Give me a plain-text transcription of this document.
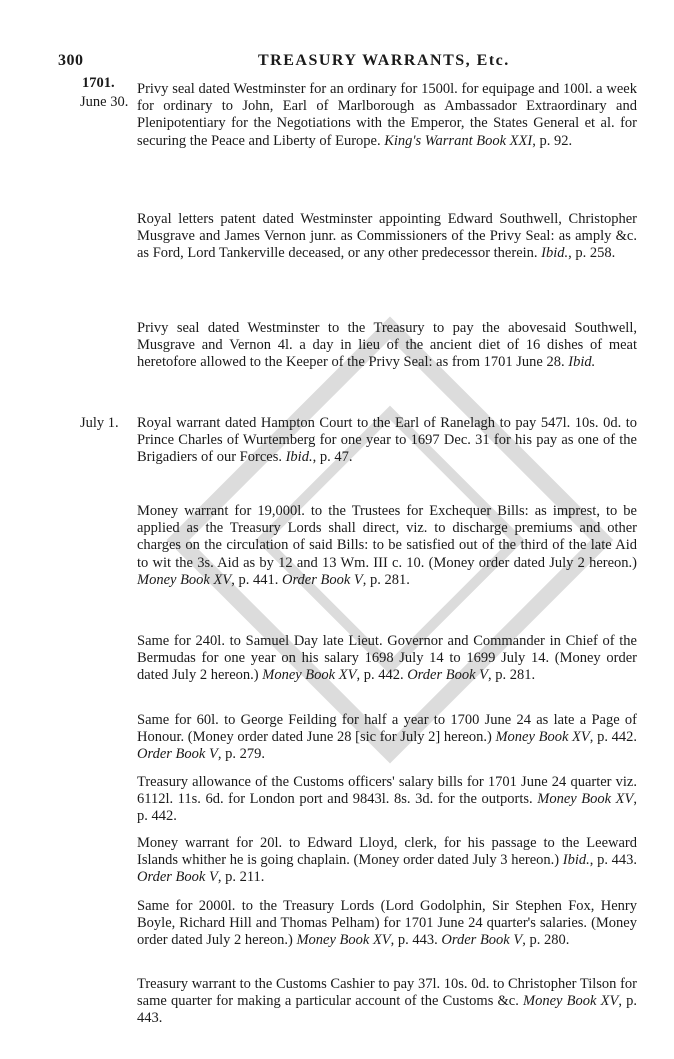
300	TREASURY WARRANTS, Etc.
1701.
June 30.

Privy seal dated Westminster for an ordinary for 1500l. for equipage and 100l. a week for ordinary to John, Earl of Marlborough as Ambassador Extraordinary and Plenipotentiary for the Negotiations with the Emperor, the States General et al. for securing the Peace and Liberty of Europe. King's Warrant Book XXI, p. 92.

Royal letters patent dated Westminster appointing Edward Southwell, Christopher Musgrave and James Vernon junr. as Commissioners of the Privy Seal: as amply &c. as Ford, Lord Tankerville deceased, or any other predecessor therein. Ibid., p. 258.

Privy seal dated Westminster to the Treasury to pay the abovesaid Southwell, Musgrave and Vernon 4l. a day in lieu of the ancient diet of 16 dishes of meat heretofore allowed to the Keeper of the Privy Seal: as from 1701 June 28. Ibid.

July 1. Royal warrant dated Hampton Court to the Earl of Ranelagh to pay 547l. 10s. 0d. to Prince Charles of Wurtemberg for one year to 1697 Dec. 31 for his pay as one of the Brigadiers of our Forces. Ibid., p. 47.

Money warrant for 19,000l. to the Trustees for Exchequer Bills: as imprest, to be applied as the Treasury Lords shall direct, viz. to discharge premiums and other charges on the circulation of said Bills: to be satisfied out of the third of the late Aid to wit the 3s. Aid as by 12 and 13 Wm. III c. 10. (Money order dated July 2 hereon.) Money Book XV, p. 441. Order Book V, p. 281.

Same for 240l. to Samuel Day late Lieut. Governor and Commander in Chief of the Bermudas for one year on his salary 1698 July 14 to 1699 July 14. (Money order dated July 2 hereon.) Money Book XV, p. 442. Order Book V, p. 281.

Same for 60l. to George Feilding for half a year to 1700 June 24 as late a Page of Honour. (Money order dated June 28 [sic for July 2] hereon.) Money Book XV, p. 442. Order Book V, p. 279.

Treasury allowance of the Customs officers' salary bills for 1701 June 24 quarter viz. 6112l. 11s. 6d. for London port and 9843l. 8s. 3d. for the outports. Money Book XV, p. 442.

Money warrant for 20l. to Edward Lloyd, clerk, for his passage to the Leeward Islands whither he is going chaplain. (Money order dated July 3 hereon.) Ibid., p. 443. Order Book V, p. 211.

Same for 2000l. to the Treasury Lords (Lord Godolphin, Sir Stephen Fox, Henry Boyle, Richard Hill and Thomas Pelham) for 1701 June 24 quarter's salaries. (Money order dated July 2 hereon.) Money Book XV, p. 443. Order Book V, p. 280.

Treasury warrant to the Customs Cashier to pay 37l. 10s. 0d. to Christopher Tilson for same quarter for making a particular account of the Customs &c. Money Book XV, p. 443.
